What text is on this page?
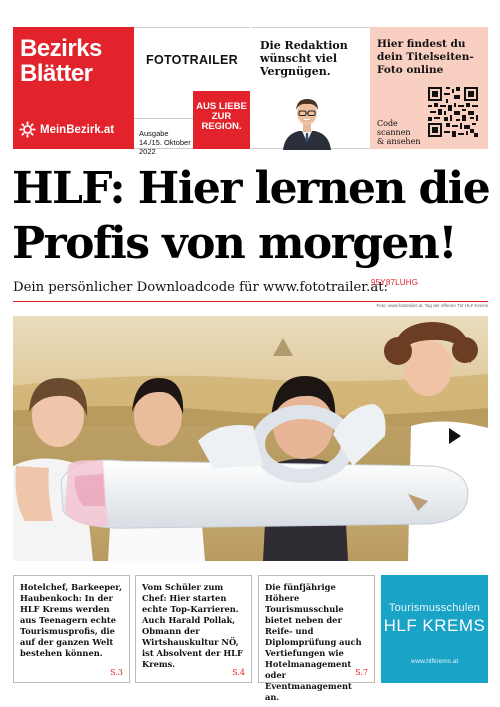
Bezirks
Blätter
MeinBezirk.at
FOTOTRAILER
Ausgabe
14./15. Oktober
2022
AUS LIEBE
ZUR
REGION.
Die Redaktion
wünscht viel
Vergnügen.
Hier findest du
dein Titelseiten-
Foto online
Code
scannen
& ansehen
HLF: Hier lernen die
Profis von morgen!
Dein persönlicher Downloadcode für www.fototrailer.at:
95Y87LUHG
Foto: www.fototrailer.at, Tag der offenen Tür HLF-Krems
Hotelchef, Barkeeper, Haubenkoch: In der HLF Krems werden aus Teenagern echte Tourismusprofis, die auf der ganzen Welt bestehen können.
S.3
Vom Schüler zum Chef: Hier starten echte Top-Karrieren. Auch Harald Pollak, Obmann der Wirtshauskultur NÖ, ist Absolvent der HLF Krems.
S.4
Die fünfjährige Höhere Tourismusschule bietet neben der Reife- und Diplomprüfung auch Vertiefungen wie Hotelmanagement oder Eventmanagement an.
S.7
Tourismusschulen
HLF KREMS
www.hlfkrems.at
